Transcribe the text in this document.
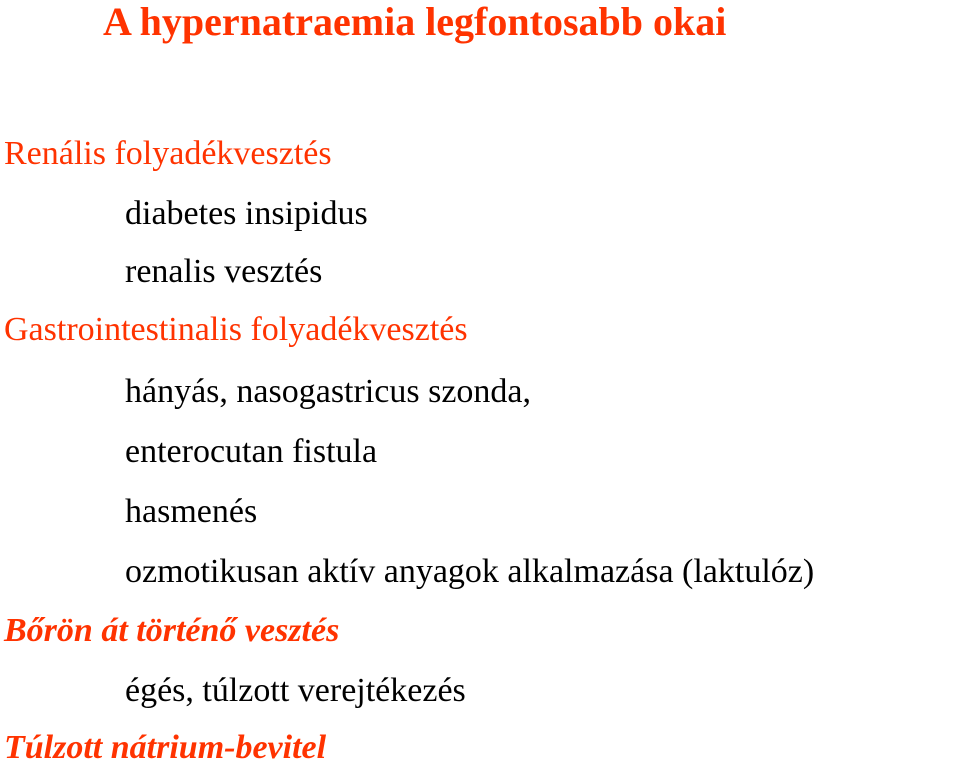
A hypernatraemia legfontosabb okai
Renális folyadékvesztés
diabetes insipidus
renalis vesztés
Gastrointestinalis folyadékvesztés
hányás, nasogastricus szonda,
enterocutan fistula
hasmenés
ozmotikusan aktív anyagok alkalmazása (laktulóz)
Bőrön át történő vesztés
égés, túlzott verejtékezés
Túlzott nátrium-bevitel
